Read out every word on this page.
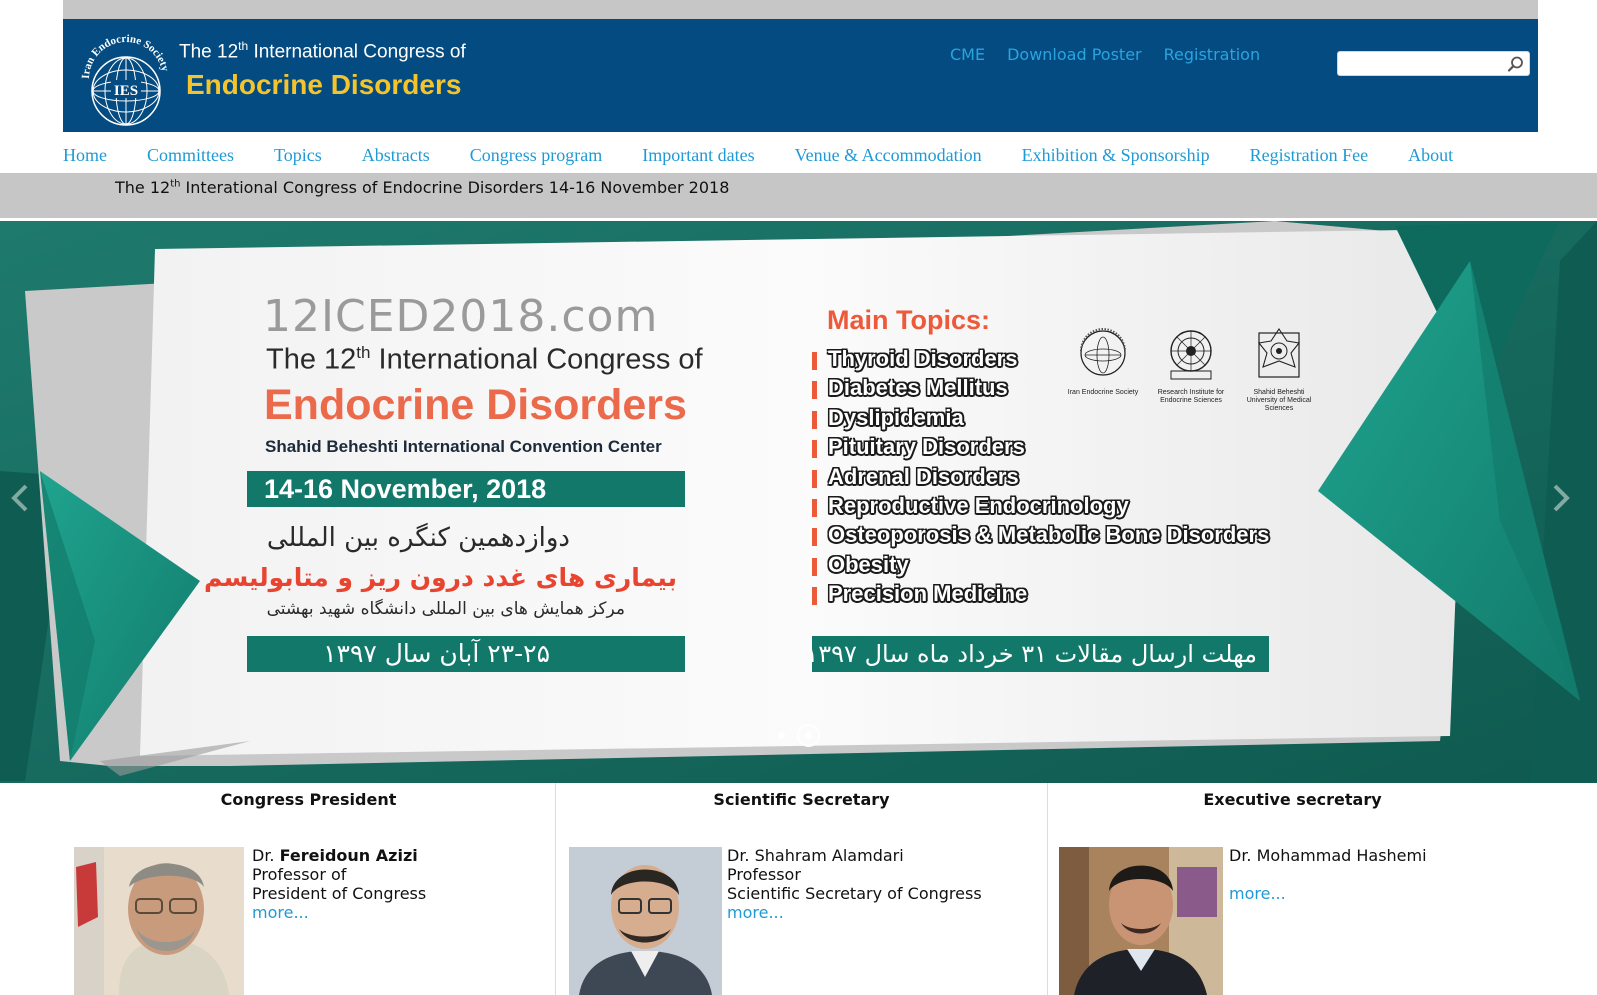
Iran Endocrine Society
IES
The 12th International Congress of
Endocrine Disorders
CME Download Poster Registration
Home Committees Topics Abstracts Congress program Important dates Venue & Accommodation Exhibition & Sponsorship Registration Fee About
The 12th Interational Congress of Endocrine Disorders 14-16 November 2018
12ICED2018.com
The 12th International Congress of
Endocrine Disorders
Shahid Beheshti International Convention Center
14-16 November, 2018
دوازدهمین کنگره بین المللی
بیماری های غدد درون ریز و متابولیسم
مرکز همایش های بین المللی دانشگاه شهید بهشتی
۲۳-۲۵ آبان سال ۱۳۹۷
Main Topics:
Thyroid Disorders
Diabetes Mellitus
Dyslipidemia
Pituitary Disorders
Adrenal Disorders
Reproductive Endocrinology
Osteoporosis & Metabolic Bone Disorders
Obesity
Precision Medicine
مهلت ارسال مقالات ۳۱ خرداد ماه سال ۱۳۹۷
Iran Endocrine Society	Research Institute for Endocrine Sciences
Shahid Beheshti University of Medical Sciences
Congress President
Dr. Fereidoun Azizi
Professor of
President of Congress
more...
Scientific Secretary
Dr. Shahram Alamdari
Professor
Scientific Secretary of Congress
more...
Executive secretary
Dr. Mohammad Hashemi
more...
